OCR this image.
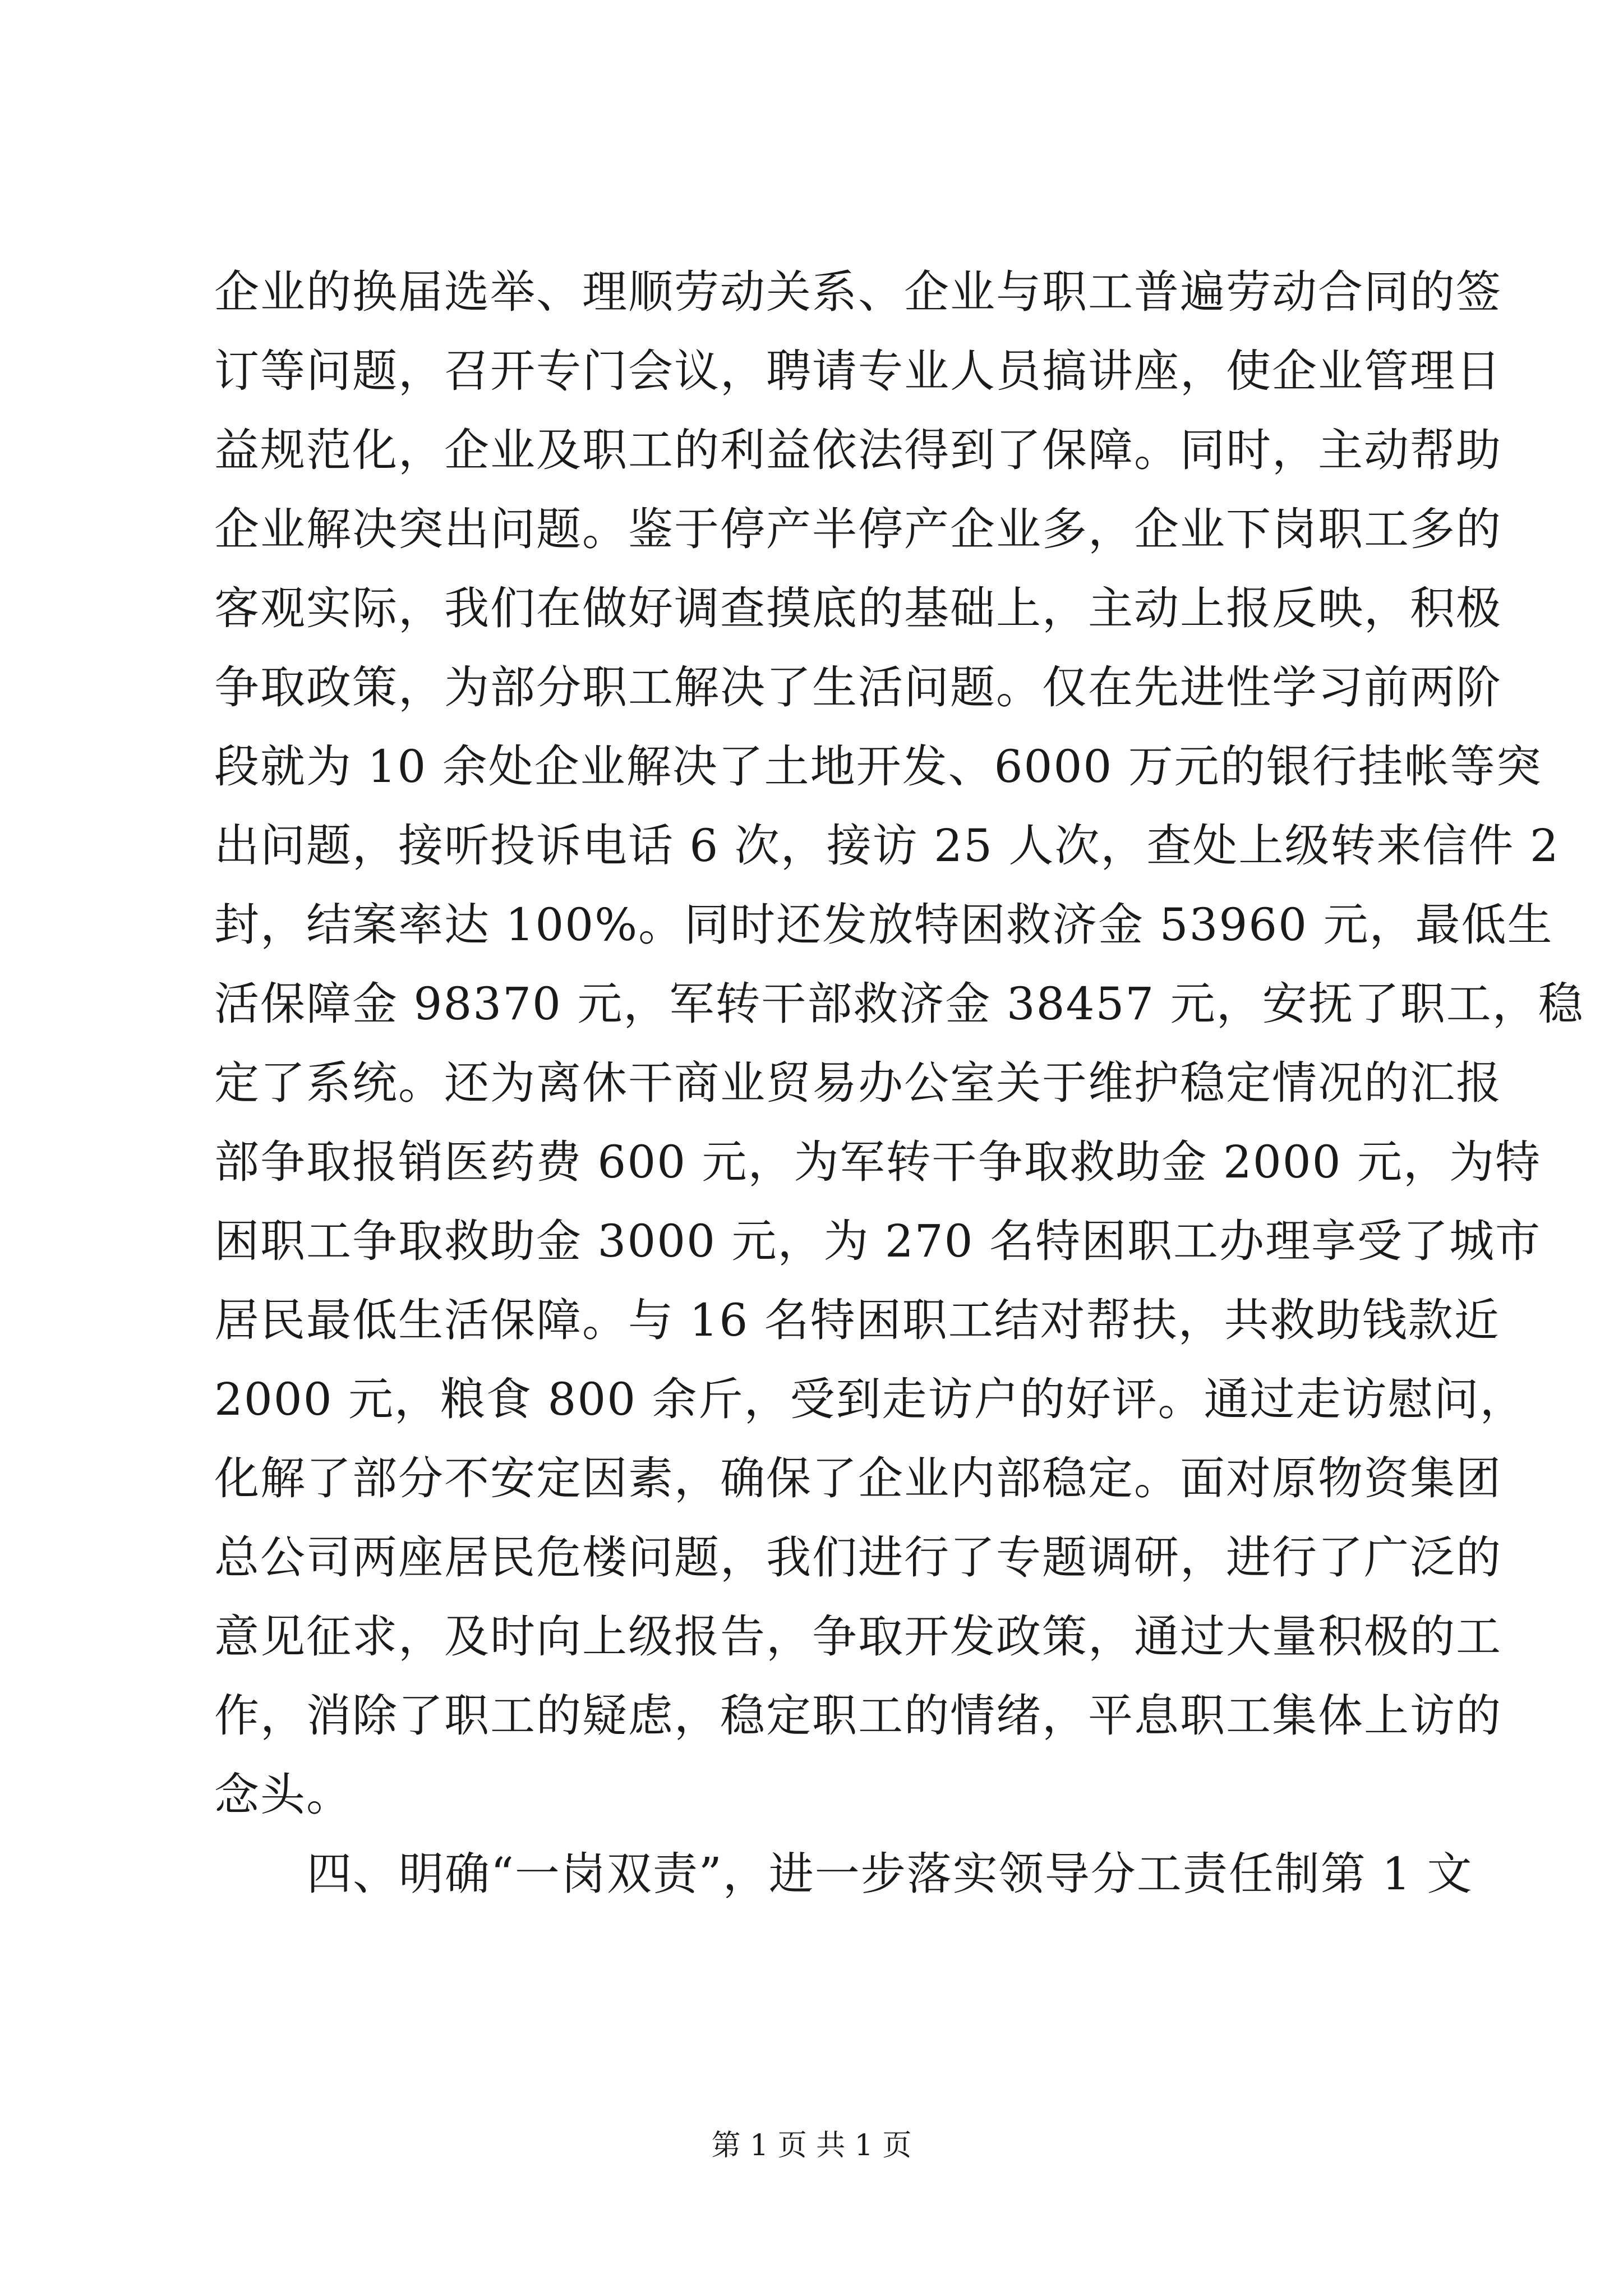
企业的换届选举、理顺劳动关系、企业与职工普遍劳动合同的签
订等问题，召开专门会议，聘请专业人员搞讲座，使企业管理日
益规范化，企业及职工的利益依法得到了保障。同时，主动帮助
企业解决突出问题。鉴于停产半停产企业多，企业下岗职工多的
客观实际，我们在做好调查摸底的基础上，主动上报反映，积极
争取政策，为部分职工解决了生活问题。仅在先进性学习前两阶
段就为 10 余处企业解决了土地开发、6000 万元的银行挂帐等突
出问题，接听投诉电话 6 次，接访 25 人次，查处上级转来信件 2
封，结案率达 100%。同时还发放特困救济金 53960 元，最低生
活保障金 98370 元，军转干部救济金 38457 元，安抚了职工，稳
定了系统。还为离休干商业贸易办公室关于维护稳定情况的汇报
部争取报销医药费 600 元，为军转干争取救助金 2000 元，为特
困职工争取救助金 3000 元，为 270 名特困职工办理享受了城市
居民最低生活保障。与 16 名特困职工结对帮扶，共救助钱款近
2000 元，粮食 800 余斤，受到走访户的好评。通过走访慰问，
化解了部分不安定因素，确保了企业内部稳定。面对原物资集团
总公司两座居民危楼问题，我们进行了专题调研，进行了广泛的
意见征求，及时向上级报告，争取开发政策，通过大量积极的工
作，消除了职工的疑虑，稳定职工的情绪，平息职工集体上访的
念头。
四、明确“一岗双责”，进一步落实领导分工责任制第 1 文
第 1 页 共 1 页
